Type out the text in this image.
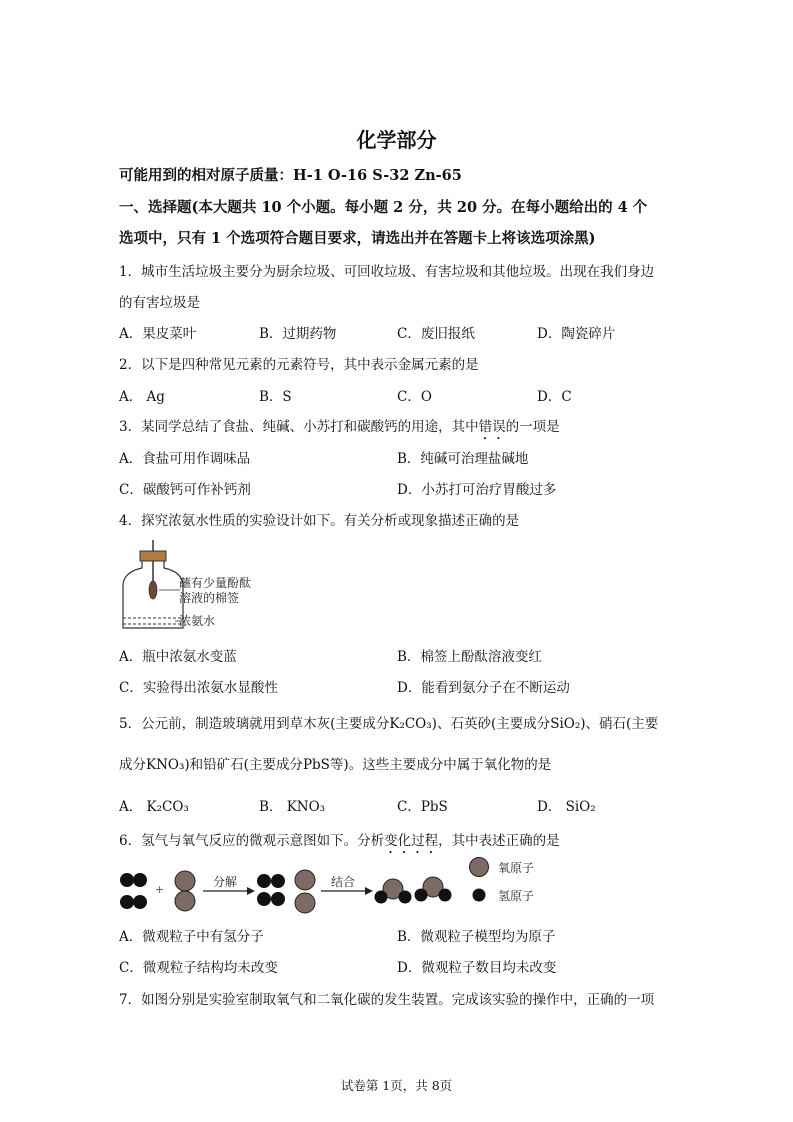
化学部分
可能用到的相对原子质量：H-1 O-16 S-32 Zn-65
一、选择题(本大题共 10 个小题。每小题 2 分，共 20 分。在每小题给出的 4 个
选项中，只有 1 个选项符合题目要求，请选出并在答题卡上将该选项涂黑)
1．城市生活垃圾主要分为厨余垃圾、可回收垃圾、有害垃圾和其他垃圾。出现在我们身边
的有害垃圾是
A．果皮菜叶	B．过期药物	C．废旧报纸	D．陶瓷碎片
2．以下是四种常见元素的元素符号，其中表示金属元素的是
A． Ag	B．S	C．O	D．C
3．某同学总结了食盐、纯碱、小苏打和碳酸钙的用途，其中错误的一项是
A．食盐可用作调味品	B．纯碱可治理盐碱地
C．碳酸钙可作补钙剂	D．小苏打可治疗胃酸过多
4．探究浓氨水性质的实验设计如下。有关分析或现象描述正确的是
蘸有少量酚酞
溶液的棉签
浓氨水
A．瓶中浓氨水变蓝	B．棉签上酚酞溶液变红
C．实验得出浓氨水显酸性	D．能看到氨分子在不断运动
5．公元前，制造玻璃就用到草木灰(主要成分K₂CO₃)、石英砂(主要成分SiO₂)、硝石(主要
成分KNO₃)和铅矿石(主要成分PbS等)。这些主要成分中属于氧化物的是
A． K₂CO₃	B． KNO₃	C．PbS	D． SiO₂
6．氢气与氧气反应的微观示意图如下。分析变化过程，其中表述正确的是
+
分解	结合
氧原子
氢原子
A．微观粒子中有氢分子	B．微观粒子模型均为原子
C．微观粒子结构均未改变	D．微观粒子数目均未改变
7．如图分别是实验室制取氧气和二氧化碳的发生装置。完成该实验的操作中，正确的一项
试卷第 1页，共 8页
